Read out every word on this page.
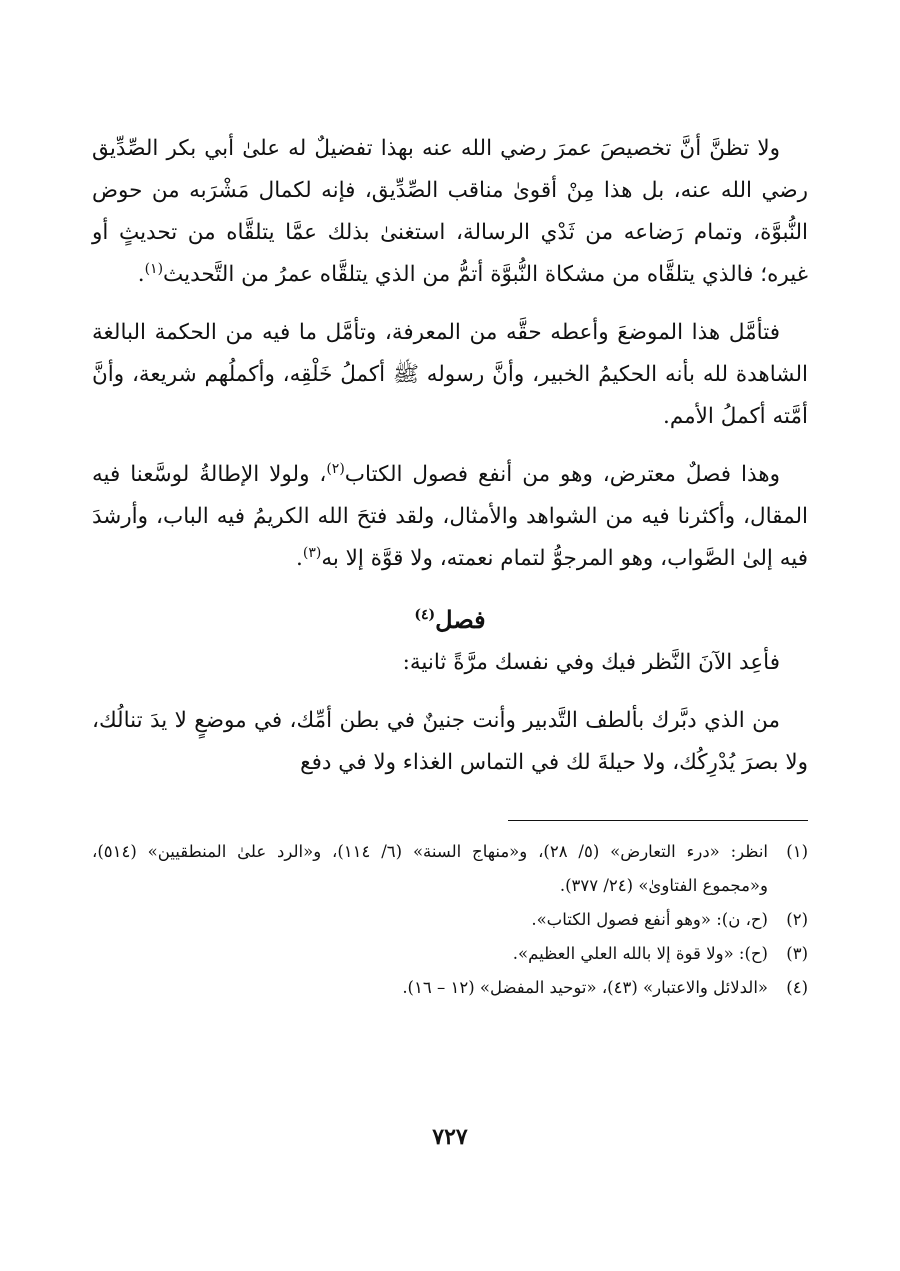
ولا تظنَّ أنَّ تخصيصَ عمرَ رضي الله عنه بهذا تفضيلٌ له علىٰ أبي بكر الصِّدِّيق رضي الله عنه، بل هذا مِنْ أقوىٰ مناقب الصِّدِّيق، فإنه لكمال مَشْرَبه من حوض النُّبوَّة، وتمام رَضاعه من ثَدْي الرسالة، استغنىٰ بذلك عمَّا يتلقَّاه من تحديثٍ أو غيره؛ فالذي يتلقَّاه من مشكاة النُّبوَّة أتمُّ من الذي يتلقَّاه عمرُ من التَّحديث$^{(١)}$.

فتأمَّل هذا الموضعَ وأعطه حقَّه من المعرفة، وتأمَّل ما فيه من الحكمة البالغة الشاهدة لله بأنه الحكيمُ الخبير، وأنَّ رسوله ﷺ أكملُ خَلْقِه، وأكملُهم شريعة، وأنَّ أمَّته أكملُ الأمم.

وهذا فصلٌ معترض، وهو من أنفع فصول الكتاب$^{(٢)}$، ولولا الإطالةُ لوسَّعنا فيه المقال، وأكثرنا فيه من الشواهد والأمثال، ولقد فتحَ الله الكريمُ فيه الباب، وأرشدَ فيه إلىٰ الصَّواب، وهو المرجوُّ لتمام نعمته، ولا قوَّة إلا به$^{(٣)}$.

فصل$^{(٤)}$

فأعِد الآنَ النَّظر فيك وفي نفسك مرَّةً ثانية:

من الذي دبَّرك بألطف التَّدبير وأنت جنينٌ في بطن أمِّك، في موضعٍ لا يدَ تنالُك، ولا بصرَ يُدْرِكُك، ولا حيلةَ لك في التماس الغذاء ولا في دفع

(١)
انظر: «درء التعارض» (٥/ ٢٨)، و«منهاج السنة» (٦/ ١١٤)، و«الرد علىٰ المنطقيين» (٥١٤)، و«مجموع الفتاوىٰ» (٢٤/ ٣٧٧).
(٢)
(ح، ن): «وهو أنفع فصول الكتاب».
(٣)
(ح): «ولا قوة إلا بالله العلي العظيم».
(٤)
«الدلائل والاعتبار» (٤٣)، «توحيد المفضل» (١٢ – ١٦).
٧٢٧
